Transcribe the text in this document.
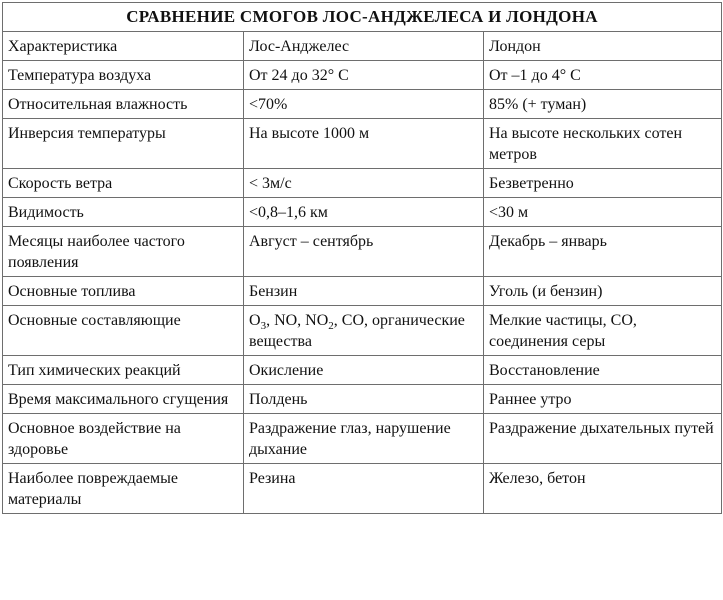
СРАВНЕНИЕ СМОГОВ ЛОС-АНДЖЕЛЕСА И ЛОНДОНА		
Характеристика	Лос-Анджелес	Лондон
Температура воздуха	От 24 до 32° С	От –1 до 4° С
Относительная влажность	<70%	85% (+ туман)
Инверсия температуры	На высоте 1000 м	На высоте нескольких сотен метров
Скорость ветра	< 3м/с	Безветренно
Видимость	<0,8–1,6 км	<30 м
Месяцы наиболее частого появления	Август – сентябрь	Декабрь – январь
Основные топлива	Бензин	Уголь (и бензин)
Основные составляющие	$O_3$, NO, $NO_2$, CO, органические вещества	Мелкие частицы, CO, соединения серы
Тип химических реакций	Окисление	Восстановление
Время максимального сгущения	Полдень	Раннее утро
Основное воздействие на здоровье	Раздражение глаз, нарушение дыхание	Раздражение дыхательных путей
Наиболее повреждаемые материалы	Резина	Железо, бетон
